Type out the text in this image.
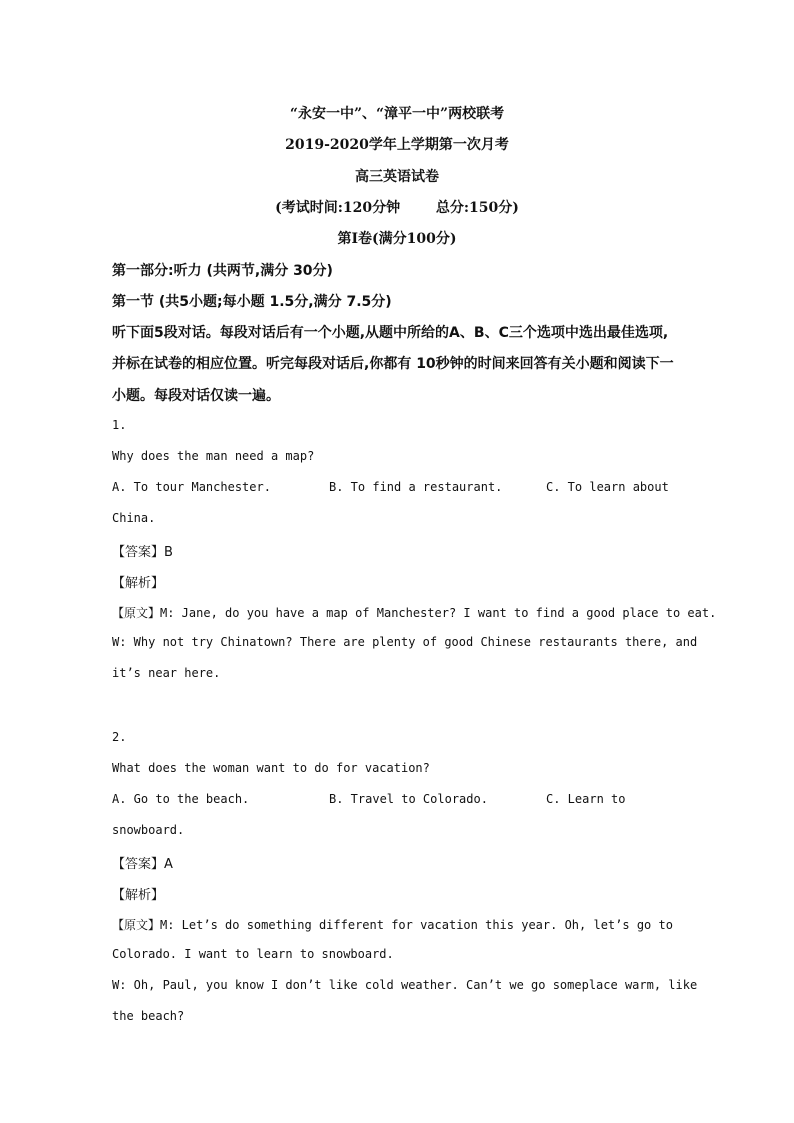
“永安一中”、“漳平一中”两校联考
2019-2020学年上学期第一次月考
高三英语试卷
(考试时间:120分钟	总分:150分)
第Ⅰ卷(满分100分)
第一部分:听力 (共两节,满分 30分)
第一节 (共5小题;每小题 1.5分,满分 7.5分)
听下面5段对话。每段对话后有一个小题,从题中所给的A、B、C三个选项中选出最佳选项,
并标在试卷的相应位置。听完每段对话后,你都有 10秒钟的时间来回答有关小题和阅读下一
小题。每段对话仅读一遍。
1.
Why does the man need a map?
A. To tour Manchester.	B. To find a restaurant.	C. To learn about
China.
【答案】B
【解析】
【原文】M: Jane, do you have a map of Manchester? I want to find a good place to eat.
W: Why not try Chinatown? There are plenty of good Chinese restaurants there, and
it’s near here.
2.
What does the woman want to do for vacation?
A. Go to the beach.	B. Travel to Colorado.	C. Learn to
snowboard.
【答案】A
【解析】
【原文】M: Let’s do something different for vacation this year. Oh, let’s go to
Colorado. I want to learn to snowboard.
W: Oh, Paul, you know I don’t like cold weather. Can’t we go someplace warm, like
the beach?
